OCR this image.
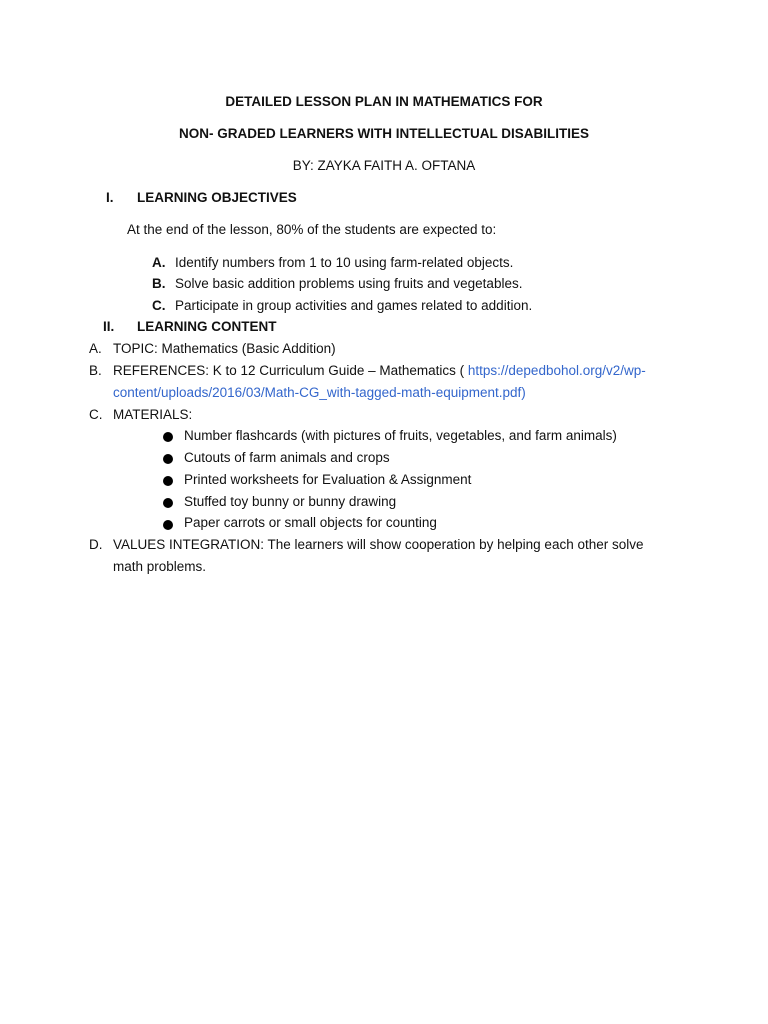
DETAILED LESSON PLAN IN MATHEMATICS FOR
NON- GRADED LEARNERS WITH INTELLECTUAL DISABILITIES
BY: ZAYKA FAITH A. OFTANA
I. LEARNING OBJECTIVES
At the end of the lesson, 80% of the students are expected to:
A. Identify numbers from 1 to 10 using farm-related objects.
B. Solve basic addition problems using fruits and vegetables.
C. Participate in group activities and games related to addition.
II. LEARNING CONTENT
A. TOPIC: Mathematics (Basic Addition)
B. REFERENCES: K to 12 Curriculum Guide – Mathematics ( https://depedbohol.org/v2/wp-
content/uploads/2016/03/Math-CG_with-tagged-math-equipment.pdf)
C. MATERIALS:
Number flashcards (with pictures of fruits, vegetables, and farm animals)
Cutouts of farm animals and crops
Printed worksheets for Evaluation & Assignment
Stuffed toy bunny or bunny drawing
Paper carrots or small objects for counting
D. VALUES INTEGRATION: The learners will show cooperation by helping each other solve
math problems.
